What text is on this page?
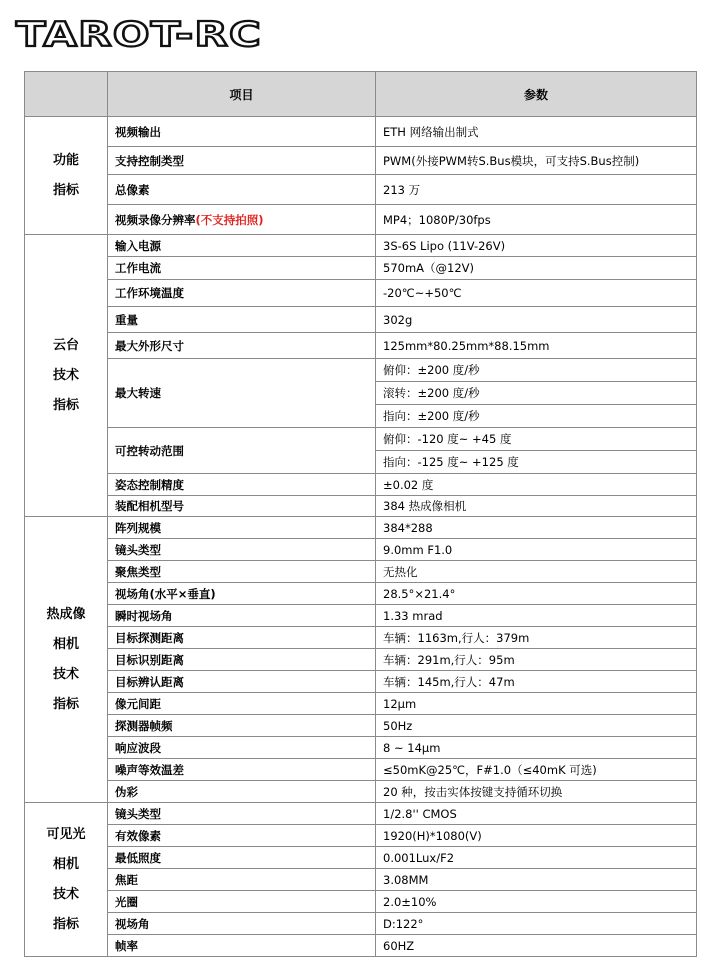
TAROT-RC
	项目	参数

功能
指标	视频输出	ETH 网络输出制式
	支持控制类型	PWM(外接PWM转S.Bus模块，可支持S.Bus控制)
	总像素	213 万
	视频录像分辨率(不支持拍照)	MP4；1080P/30fps

云台
技术
指标	输入电源	3S-6S Lipo (11V-26V)
	工作电流	570mA（@12V)
	工作环境温度	-20℃~+50℃
	重量	302g
	最大外形尺寸	125mm*80.25mm*88.15mm
	最大转速	俯仰：±200 度/秒
滚转：±200 度/秒
指向：±200 度/秒

	可控转动范围	俯仰：-120 度~ +45 度
指向：-125 度~ +125 度

	姿态控制精度	±0.02 度
	装配相机型号	384 热成像相机

热成像
相机
技术
指标	阵列规模	384*288
	镜头类型	9.0mm F1.0
	聚焦类型	无热化
	视场角(水平×垂直)	28.5°×21.4°
	瞬时视场角	1.33 mrad
	目标探测距离	车辆：1163m,行人：379m
	目标识别距离	车辆：291m,行人：95m
	目标辨认距离	车辆：145m,行人：47m
	像元间距	12μm
	探测器帧频	50Hz
	响应波段	8 ~ 14μm
	噪声等效温差	≤50mK@25℃，F#1.0（≤40mK 可选)
	伪彩	20 种，按击实体按键支持循环切换

可见光
相机
技术
指标	镜头类型	1/2.8'' CMOS
	有效像素	1920(H)*1080(V)
	最低照度	0.001Lux/F2
	焦距	3.08MM
	光圈	2.0±10%
	视场角	D:122°
	帧率	60HZ
